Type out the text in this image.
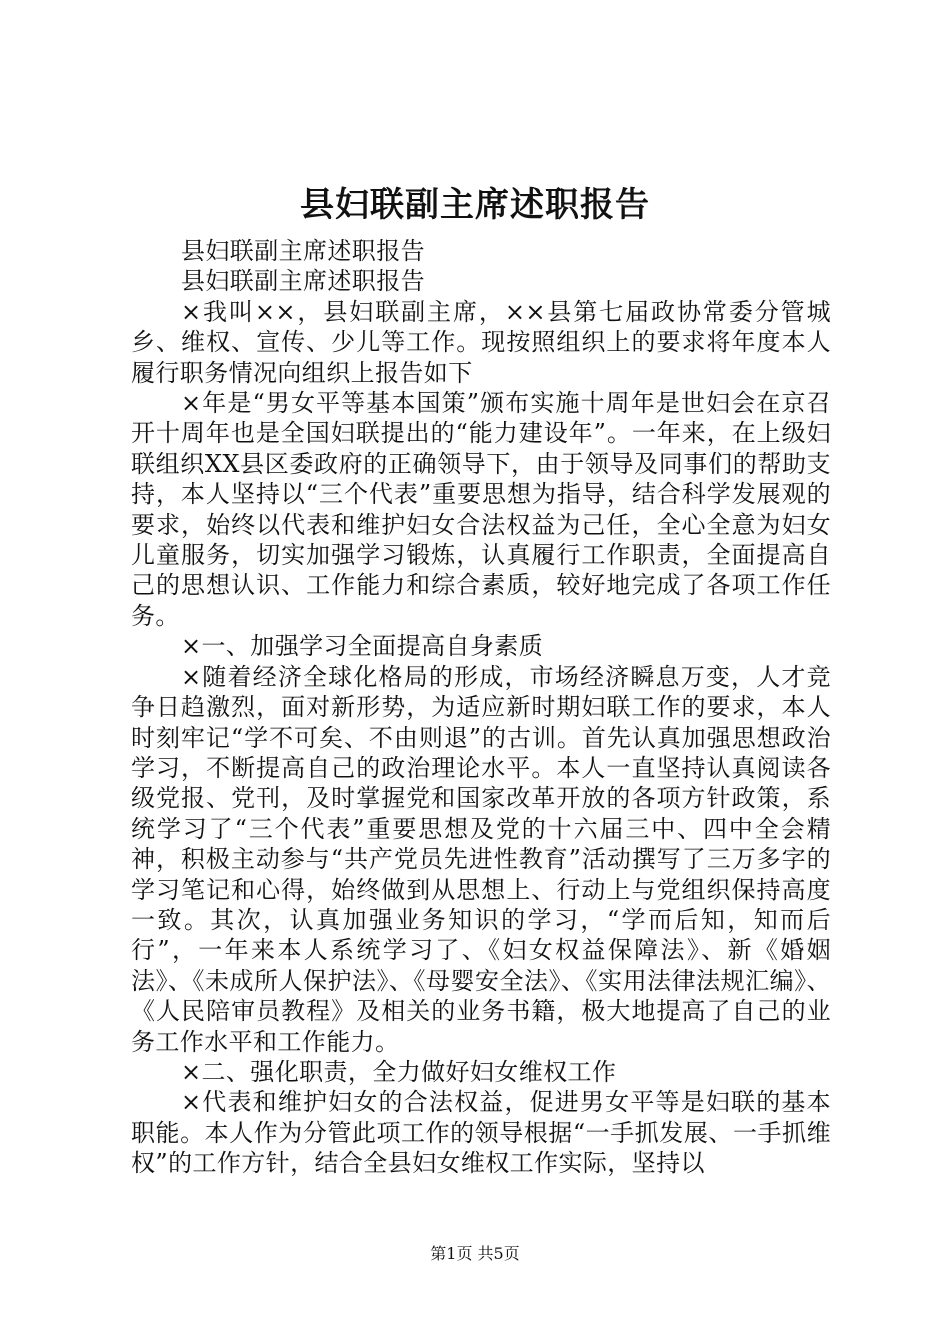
县妇联副主席述职报告

县妇联副主席述职报告

县妇联副主席述职报告

×我叫××，县妇联副主席，××县第七届政协常委分管城乡、维权、宣传、少儿等工作。现按照组织上的要求将年度本人履行职务情况向组织上报告如下

×年是“男女平等基本国策”颁布实施十周年是世妇会在京召开十周年也是全国妇联提出的“能力建设年”。一年来，在上级妇联组织XX县区委政府的正确领导下，由于领导及同事们的帮助支持，本人坚持以“三个代表”重要思想为指导，结合科学发展观的要求，始终以代表和维护妇女合法权益为己任，全心全意为妇女儿童服务，切实加强学习锻炼，认真履行工作职责，全面提高自己的思想认识、工作能力和综合素质，较好地完成了各项工作任务。

×一、加强学习全面提高自身素质

×随着经济全球化格局的形成，市场经济瞬息万变，人才竞争日趋激烈，面对新形势，为适应新时期妇联工作的要求，本人时刻牢记“学不可矣、不由则退”的古训。首先认真加强思想政治学习，不断提高自己的政治理论水平。本人一直坚持认真阅读各级党报、党刊，及时掌握党和国家改革开放的各项方针政策，系统学习了“三个代表”重要思想及党的十六届三中、四中全会精神，积极主动参与“共产党员先进性教育”活动撰写了三万多字的学习笔记和心得，始终做到从思想上、行动上与党组织保持高度一致。其次，认真加强业务知识的学习，“学而后知，知而后行”，一年来本人系统学习了、《妇女权益保障法》、新《婚姻法》、《未成所人保护法》、《母婴安全法》、《实用法律法规汇编》、《人民陪审员教程》及相关的业务书籍，极大地提高了自己的业务工作水平和工作能力。

×二、强化职责，全力做好妇女维权工作

×代表和维护妇女的合法权益，促进男女平等是妇联的基本职能。本人作为分管此项工作的领导根据“一手抓发展、一手抓维权”的工作方针，结合全县妇女维权工作实际，坚持以

第1页 共5页
